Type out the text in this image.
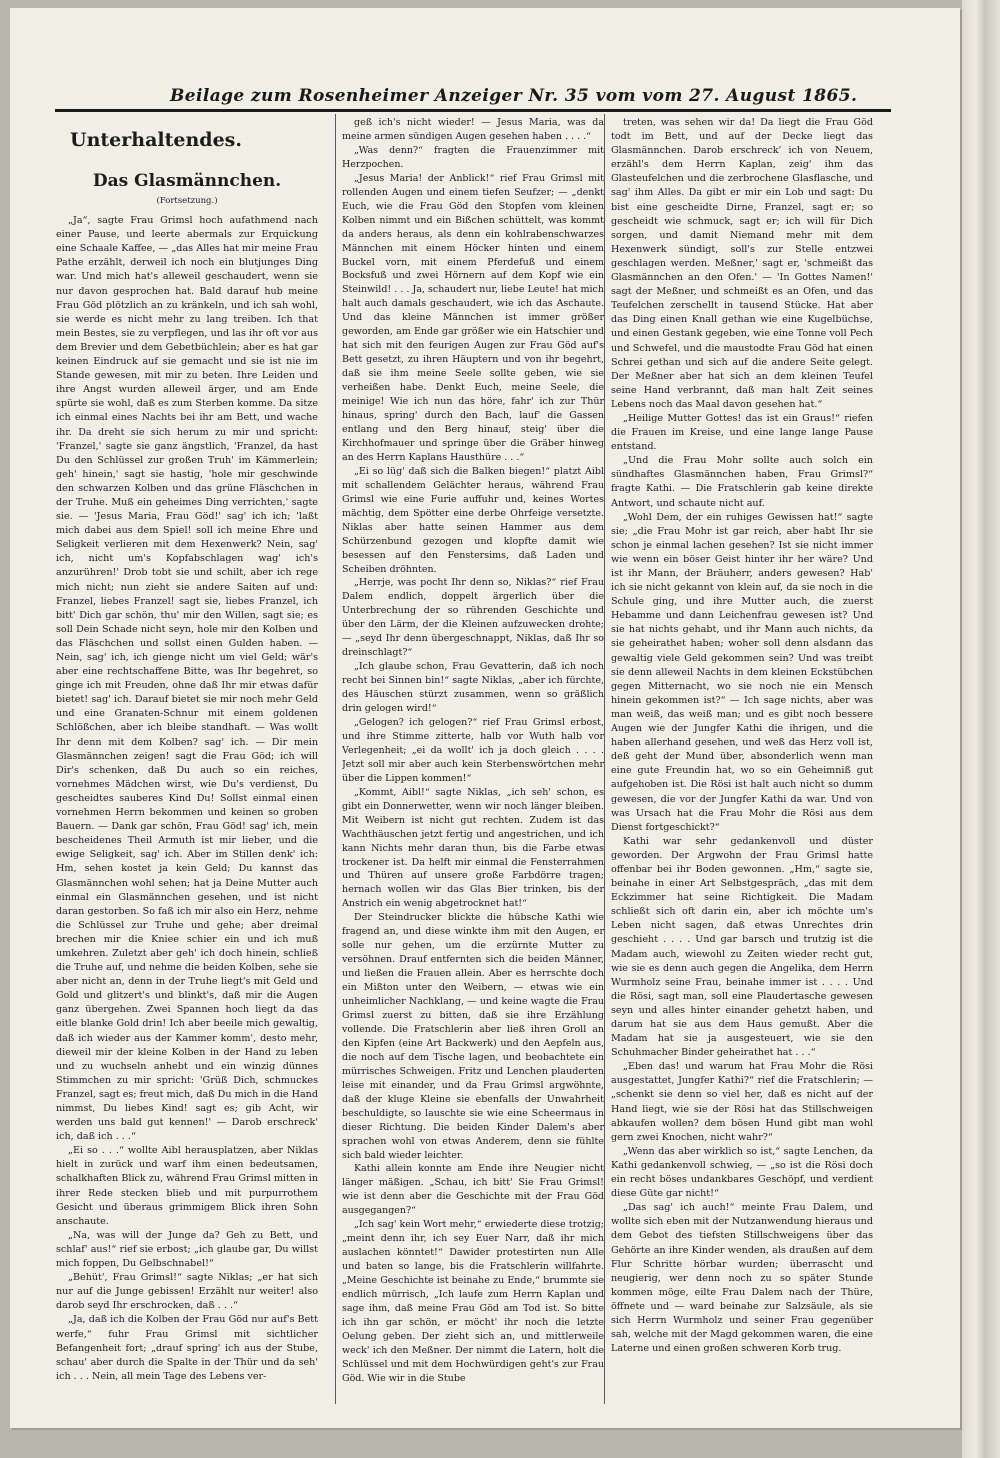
Beilage zum Rosenheimer Anzeiger Nr. 35 vom vom 27. August 1865.
Unterhaltendes.
Das Glasmännchen.
(Fortsetzung.)

„Ja“, sagte Frau Grimsl hoch aufathmend nach einer Pause, und leerte abermals zur Erquickung eine Schaale Kaffee, — „das Alles hat mir meine Frau Pathe erzählt, derweil ich noch ein blutjunges Ding war. Und mich hat's alleweil geschaudert, wenn sie nur davon gesprochen hat. Bald darauf hub meine Frau Göd plötzlich an zu kränkeln, und ich sah wohl, sie werde es nicht mehr zu lang treiben. Ich that mein Bestes, sie zu verpflegen, und las ihr oft vor aus dem Brevier und dem Gebetbüchlein; aber es hat gar keinen Eindruck auf sie gemacht und sie ist nie im Stande gewesen, mit mir zu beten. Ihre Leiden und ihre Angst wurden alleweil ärger, und am Ende spürte sie wohl, daß es zum Sterben komme. Da sitze ich einmal eines Nachts bei ihr am Bett, und wache ihr. Da dreht sie sich herum zu mir und spricht: 'Franzel,' sagte sie ganz ängstlich, 'Franzel, da hast Du den Schlüssel zur großen Truh' im Kämmerlein; geh' hinein,' sagt sie hastig, 'hole mir geschwinde den schwarzen Kolben und das grüne Fläschchen in der Truhe. Muß ein geheimes Ding verrichten,' sagte sie. — 'Jesus Maria, Frau Göd!' sag' ich ich; 'laßt mich dabei aus dem Spiel! soll ich meine Ehre und Seligkeit verlieren mit dem Hexenwerk? Nein, sag' ich, nicht um's Kopfabschlagen wag' ich's anzurühren!' Drob tobt sie und schilt, aber ich rege mich nicht; nun zieht sie andere Saiten auf und: Franzel, liebes Franzel! sagt sie, liebes Franzel, ich bitt' Dich gar schön, thu' mir den Willen, sagt sie; es soll Dein Schade nicht seyn, hole mir den Kolben und das Fläschchen und sollst einen Gulden haben. — Nein, sag' ich, ich gienge nicht um viel Geld; wär's aber eine rechtschaffene Bitte, was Ihr begehret, so ginge ich mit Freuden, ohne daß Ihr mir etwas dafür bietet! sag' ich. Darauf bietet sie mir noch mehr Geld und eine Granaten-Schnur mit einem goldenen Schlößchen, aber ich bleibe standhaft. — Was wollt Ihr denn mit dem Kolben? sag' ich. — Dir mein Glasmännchen zeigen! sagt die Frau Göd; ich will Dir's schenken, daß Du auch so ein reiches, vornehmes Mädchen wirst, wie Du's verdienst, Du gescheidtes sauberes Kind Du! Sollst einmal einen vornehmen Herrn bekommen und keinen so groben Bauern. — Dank gar schön, Frau Göd! sag' ich, mein bescheidenes Theil Armuth ist mir lieber, und die ewige Seligkeit, sag' ich. Aber im Stillen denk' ich: Hm, sehen kostet ja kein Geld; Du kannst das Glasmännchen wohl sehen; hat ja Deine Mutter auch einmal ein Glasmännchen gesehen, und ist nicht daran gestorben. So faß ich mir also ein Herz, nehme die Schlüssel zur Truhe und gehe; aber dreimal brechen mir die Kniee schier ein und ich muß umkehren. Zuletzt aber geh' ich doch hinein, schließ die Truhe auf, und nehme die beiden Kolben, sehe sie aber nicht an, denn in der Truhe liegt's mit Geld und Gold und glitzert's und blinkt's, daß mir die Augen ganz übergehen. Zwei Spannen hoch liegt da das eitle blanke Gold drin! Ich aber beeile mich gewaltig, daß ich wieder aus der Kammer komm', desto mehr, dieweil mir der kleine Kolben in der Hand zu leben und zu wuchseln anhebt und ein winzig dünnes Stimmchen zu mir spricht: 'Grüß Dich, schmuckes Franzel, sagt es; freut mich, daß Du mich in die Hand nimmst, Du liebes Kind! sagt es; gib Acht, wir werden uns bald gut kennen!' — Darob erschreck' ich, daß ich . . .“

„Ei so . . .“ wollte Aibl herausplatzen, aber Niklas hielt in zurück und warf ihm einen bedeutsamen, schalkhaften Blick zu, während Frau Grimsl mitten in ihrer Rede stecken blieb und mit purpurrothem Gesicht und überaus grimmigem Blick ihren Sohn anschaute.

„Na, was will der Junge da? Geh zu Bett, und schlaf' aus!“ rief sie erbost; „ich glaube gar, Du willst mich foppen, Du Gelbschnabel!“

„Behüt', Frau Grimsl!“ sagte Niklas; „er hat sich nur auf die Junge gebissen! Erzählt nur weiter! also darob seyd Ihr erschrocken, daß . . .“

„Ja, daß ich die Kolben der Frau Göd nur auf's Bett werfe,“ fuhr Frau Grimsl mit sichtlicher Befangenheit fort; „drauf spring' ich aus der Stube, schau' aber durch die Spalte in der Thür und da seh' ich . . . Nein, all mein Tage des Lebens ver-

geß ich's nicht wieder! — Jesus Maria, was da meine armen sündigen Augen gesehen haben . . . .“

„Was denn?“ fragten die Frauenzimmer mit Herzpochen.

„Jesus Maria! der Anblick!“ rief Frau Grimsl mit rollenden Augen und einem tiefen Seufzer; — „denkt Euch, wie die Frau Göd den Stopfen vom kleinen Kolben nimmt und ein Bißchen schüttelt, was kommt da anders heraus, als denn ein kohlrabenschwarzes Männchen mit einem Höcker hinten und einem Buckel vorn, mit einem Pferdefuß und einem Bocksfuß und zwei Hörnern auf dem Kopf wie ein Steinwild! . . . Ja, schaudert nur, liebe Leute! hat mich halt auch damals geschaudert, wie ich das Aschaute. Und das kleine Männchen ist immer größer geworden, am Ende gar größer wie ein Hatschier und hat sich mit den feurigen Augen zur Frau Göd auf's Bett gesetzt, zu ihren Häuptern und von ihr begehrt, daß sie ihm meine Seele sollte geben, wie sie verheißen habe. Denkt Euch, meine Seele, die meinige! Wie ich nun das höre, fahr' ich zur Thür hinaus, spring' durch den Bach, lauf' die Gassen entlang und den Berg hinauf, steig' über die Kirchhofmauer und springe über die Gräber hinweg an des Herrn Kaplans Hausthüre . . .“

„Ei so lüg' daß sich die Balken biegen!“ platzt Aibl mit schallendem Gelächter heraus, während Frau Grimsl wie eine Furie auffuhr und, keines Wortes mächtig, dem Spötter eine derbe Ohrfeige versetzte. Niklas aber hatte seinen Hammer aus dem Schürzenbund gezogen und klopfte damit wie besessen auf den Fenstersims, daß Laden und Scheiben dröhnten.

„Herrje, was pocht Ihr denn so, Niklas?“ rief Frau Dalem endlich, doppelt ärgerlich über die Unterbrechung der so rührenden Geschichte und über den Lärm, der die Kleinen aufzuwecken drohte; — „seyd Ihr denn übergeschnappt, Niklas, daß Ihr so dreinschlagt?“

„Ich glaube schon, Frau Gevatterin, daß ich noch recht bei Sinnen bin!“ sagte Niklas, „aber ich fürchte, des Häuschen stürzt zusammen, wenn so gräßlich drin gelogen wird!“

„Gelogen? ich gelogen?“ rief Frau Grimsl erbost, und ihre Stimme zitterte, halb vor Wuth halb vor Verlegenheit; „ei da wollt' ich ja doch gleich . . . . Jetzt soll mir aber auch kein Sterbenswörtchen mehr über die Lippen kommen!“

„Kommt, Aibl!“ sagte Niklas, „ich seh' schon, es gibt ein Donnerwetter, wenn wir noch länger bleiben. Mit Weibern ist nicht gut rechten. Zudem ist das Wachthäuschen jetzt fertig und angestrichen, und ich kann Nichts mehr daran thun, bis die Farbe etwas trockener ist. Da helft mir einmal die Fensterrahmen und Thüren auf unsere große Farbdörre tragen; hernach wollen wir das Glas Bier trinken, bis der Anstrich ein wenig abgetrocknet hat!“

Der Steindrucker blickte die hübsche Kathi wie fragend an, und diese winkte ihm mit den Augen, er solle nur gehen, um die erzürnte Mutter zu versöhnen. Drauf entfernten sich die beiden Männer, und ließen die Frauen allein. Aber es herrschte doch ein Mißton unter den Weibern, — etwas wie ein unheimlicher Nachklang, — und keine wagte die Frau Grimsl zuerst zu bitten, daß sie ihre Erzählung vollende. Die Fratschlerin aber ließ ihren Groll an den Kipfen (eine Art Backwerk) und den Aepfeln aus, die noch auf dem Tische lagen, und beobachtete ein mürrisches Schweigen. Fritz und Lenchen plauderten leise mit einander, und da Frau Grimsl argwöhnte, daß der kluge Kleine sie ebenfalls der Unwahrheit beschuldigte, so lauschte sie wie eine Scheermaus in dieser Richtung. Die beiden Kinder Dalem's aber sprachen wohl von etwas Anderem, denn sie fühlte sich bald wieder leichter.

Kathi allein konnte am Ende ihre Neugier nicht länger mäßigen. „Schau, ich bitt' Sie Frau Grimsl! wie ist denn aber die Geschichte mit der Frau Göd ausgegangen?“

„Ich sag' kein Wort mehr,“ erwiederte diese trotzig; „meint denn ihr, ich sey Euer Narr, daß ihr mich auslachen könntet!“ Dawider protestirten nun Alle und baten so lange, bis die Fratschlerin willfahrte. „Meine Geschichte ist beinahe zu Ende,“ brummte sie endlich mürrisch, „Ich laufe zum Herrn Kaplan und sage ihm, daß meine Frau Göd am Tod ist. So bitte ich ihn gar schön, er möcht' ihr noch die letzte Oelung geben. Der zieht sich an, und mittlerweile weck' ich den Meßner. Der nimmt die Latern, holt die Schlüssel und mit dem Hochwürdigen geht's zur Frau Göd. Wie wir in die Stube

treten, was sehen wir da! Da liegt die Frau Göd todt im Bett, und auf der Decke liegt das Glasmännchen. Darob erschreck' ich von Neuem, erzähl's dem Herrn Kaplan, zeig' ihm das Glasteufelchen und die zerbrochene Glasflasche, und sag' ihm Alles. Da gibt er mir ein Lob und sagt: Du bist eine gescheidte Dirne, Franzel, sagt er; so gescheidt wie schmuck, sagt er; ich will für Dich sorgen, und damit Niemand mehr mit dem Hexenwerk sündigt, soll's zur Stelle entzwei geschlagen werden. Meßner,' sagt er, 'schmeißt das Glasmännchen an den Ofen.' — 'In Gottes Namen!' sagt der Meßner, und schmeißt es an Ofen, und das Teufelchen zerschellt in tausend Stücke. Hat aber das Ding einen Knall gethan wie eine Kugelbüchse, und einen Gestank gegeben, wie eine Tonne voll Pech und Schwefel, und die maustodte Frau Göd hat einen Schrei gethan und sich auf die andere Seite gelegt. Der Meßner aber hat sich an dem kleinen Teufel seine Hand verbrannt, daß man halt Zeit seines Lebens noch das Maal davon gesehen hat.“

„Heilige Mutter Gottes! das ist ein Graus!“ riefen die Frauen im Kreise, und eine lange lange Pause entstand.

„Und die Frau Mohr sollte auch solch ein sündhaftes Glasmännchen haben, Frau Grimsl?“ fragte Kathi. — Die Fratschlerin gab keine direkte Antwort, und schaute nicht auf.

„Wohl Dem, der ein ruhiges Gewissen hat!“ sagte sie; „die Frau Mohr ist gar reich, aber habt Ihr sie schon je einmal lachen gesehen? Ist sie nicht immer wie wenn ein böser Geist hinter ihr her wäre? Und ist ihr Mann, der Bräuherr, anders gewesen? Hab' ich sie nicht gekannt von klein auf, da sie noch in die Schule ging, und ihre Mutter auch, die zuerst Hebamme und dann Leichenfrau gewesen ist? Und sie hat nichts gehabt, und ihr Mann auch nichts, da sie geheirathet haben; woher soll denn alsdann das gewaltig viele Geld gekommen sein? Und was treibt sie denn alleweil Nachts in dem kleinen Eckstübchen gegen Mitternacht, wo sie noch nie ein Mensch hinein gekommen ist?“ — Ich sage nichts, aber was man weiß, das weiß man; und es gibt noch bessere Augen wie der Jungfer Kathi die ihrigen, und die haben allerhand gesehen, und weß das Herz voll ist, deß geht der Mund über, absonderlich wenn man eine gute Freundin hat, wo so ein Geheimniß gut aufgehoben ist. Die Rösi ist halt auch nicht so dumm gewesen, die vor der Jungfer Kathi da war. Und von was Ursach hat die Frau Mohr die Rösi aus dem Dienst fortgeschickt?“

Kathi war sehr gedankenvoll und düster geworden. Der Argwohn der Frau Grimsl hatte offenbar bei ihr Boden gewonnen. „Hm,“ sagte sie, beinahe in einer Art Selbstgespräch, „das mit dem Eckzimmer hat seine Richtigkeit. Die Madam schließt sich oft darin ein, aber ich möchte um's Leben nicht sagen, daß etwas Unrechtes drin geschieht . . . . Und gar barsch und trutzig ist die Madam auch, wiewohl zu Zeiten wieder recht gut, wie sie es denn auch gegen die Angelika, dem Herrn Wurmholz seine Frau, beinahe immer ist . . . . Und die Rösi, sagt man, soll eine Plaudertasche gewesen seyn und alles hinter einander gehetzt haben, und darum hat sie aus dem Haus gemußt. Aber die Madam hat sie ja ausgesteuert, wie sie den Schuhmacher Binder geheirathet hat . . .“

„Eben das! und warum hat Frau Mohr die Rösi ausgestattet, Jungfer Kathi?“ rief die Fratschlerin; — „schenkt sie denn so viel her, daß es nicht auf der Hand liegt, wie sie der Rösi hat das Stillschweigen abkaufen wollen? dem bösen Hund gibt man wohl gern zwei Knochen, nicht wahr?“

„Wenn das aber wirklich so ist,“ sagte Lenchen, da Kathi gedankenvoll schwieg, — „so ist die Rösi doch ein recht böses undankbares Geschöpf, und verdient diese Güte gar nicht!“

„Das sag' ich auch!“ meinte Frau Dalem, und wollte sich eben mit der Nutzanwendung hieraus und dem Gebot des tiefsten Stillschweigens über das Gehörte an ihre Kinder wenden, als draußen auf dem Flur Schritte hörbar wurden; überrascht und neugierig, wer denn noch zu so später Stunde kommen möge, eilte Frau Dalem nach der Thüre, öffnete und — ward beinahe zur Salzsäule, als sie sich Herrn Wurmholz und seiner Frau gegenüber sah, welche mit der Magd gekommen waren, die eine Laterne und einen großen schweren Korb trug.
